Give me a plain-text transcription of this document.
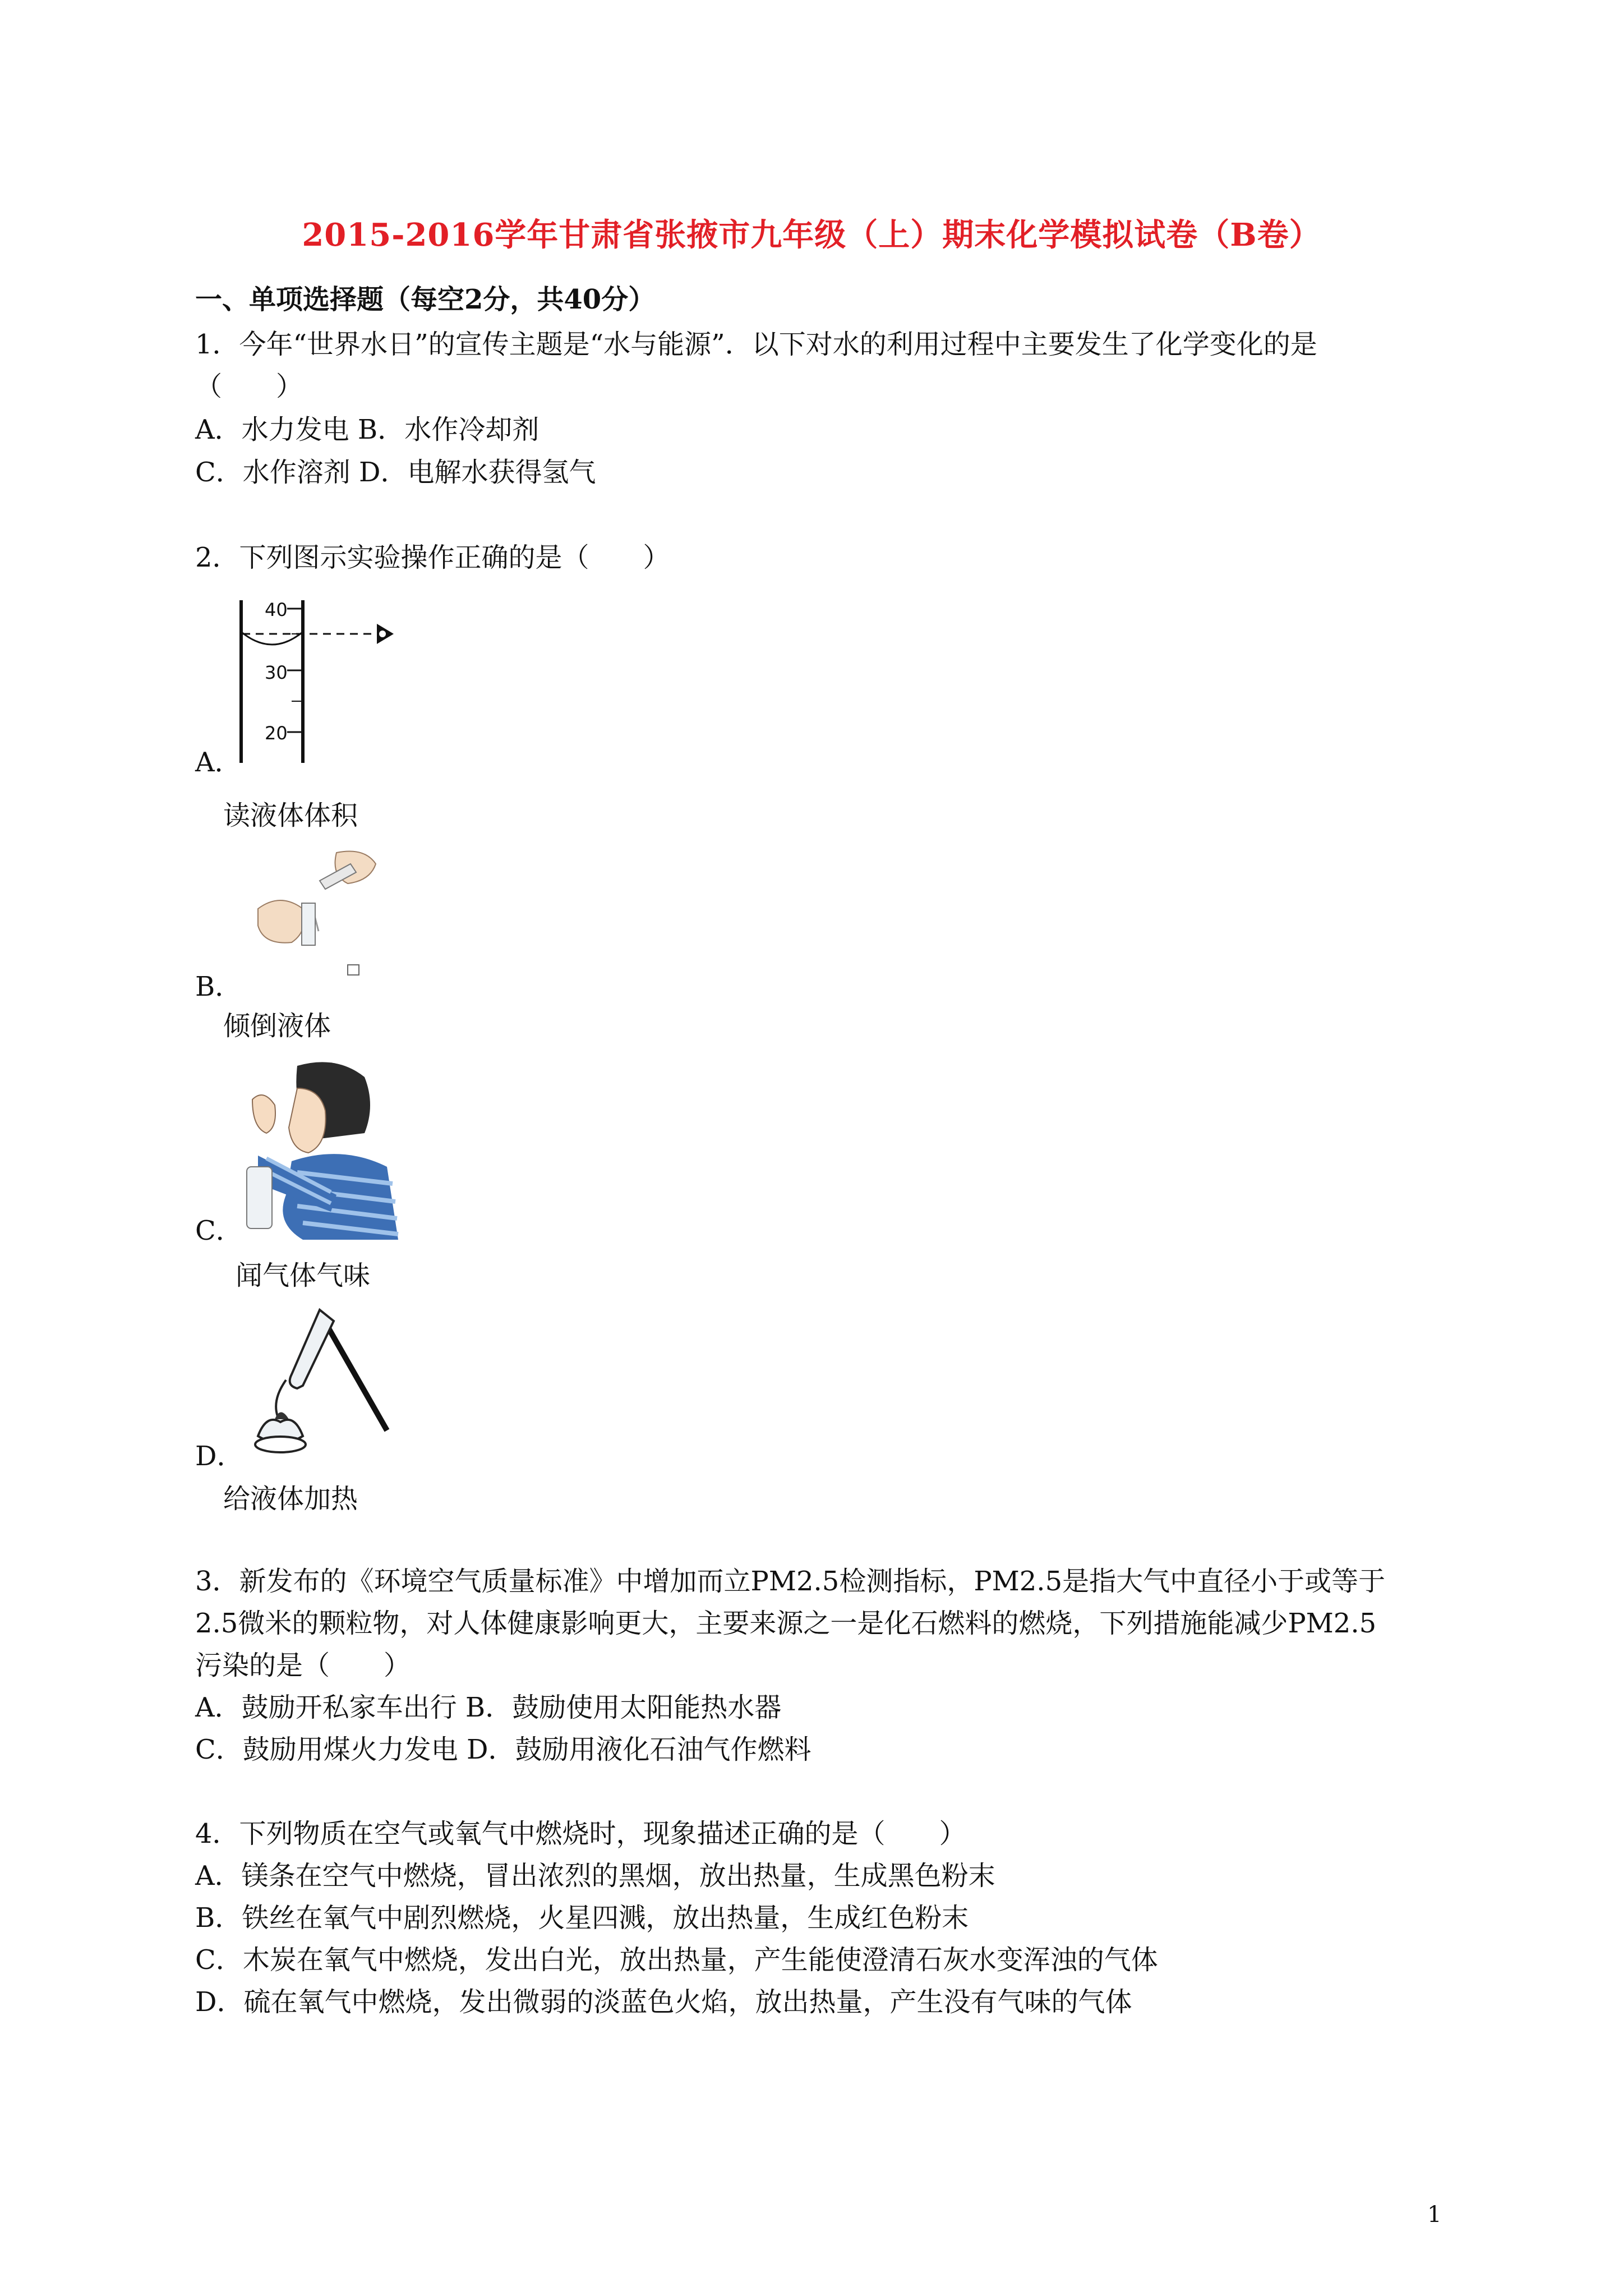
2015-2016学年甘肃省张掖市九年级（上）期末化学模拟试卷（B卷）
一、单项选择题（每空2分，共40分）
1．今年“世界水日”的宣传主题是“水与能源”．以下对水的利用过程中主要发生了化学变化的是
（　　）
A．水力发电 B．水作冷却剂
C．水作溶剂 D．电解水获得氢气
2．下列图示实验操作正确的是（　　）
40
30
20
A．
读液体体积
B．
倾倒液体
C．
闻气体气味
D．
给液体加热
3．新发布的《环境空气质量标准》中增加而立PM2.5检测指标，PM2.5是指大气中直径小于或等于
2.5微米的颗粒物，对人体健康影响更大，主要来源之一是化石燃料的燃烧，下列措施能减少PM2.5
污染的是（　　）
A．鼓励开私家车出行 B．鼓励使用太阳能热水器
C．鼓励用煤火力发电 D．鼓励用液化石油气作燃料
4．下列物质在空气或氧气中燃烧时，现象描述正确的是（　　）
A．镁条在空气中燃烧，冒出浓烈的黑烟，放出热量，生成黑色粉末
B．铁丝在氧气中剧烈燃烧，火星四溅，放出热量，生成红色粉末
C．木炭在氧气中燃烧，发出白光，放出热量，产生能使澄清石灰水变浑浊的气体
D．硫在氧气中燃烧，发出微弱的淡蓝色火焰，放出热量，产生没有气味的气体
1
